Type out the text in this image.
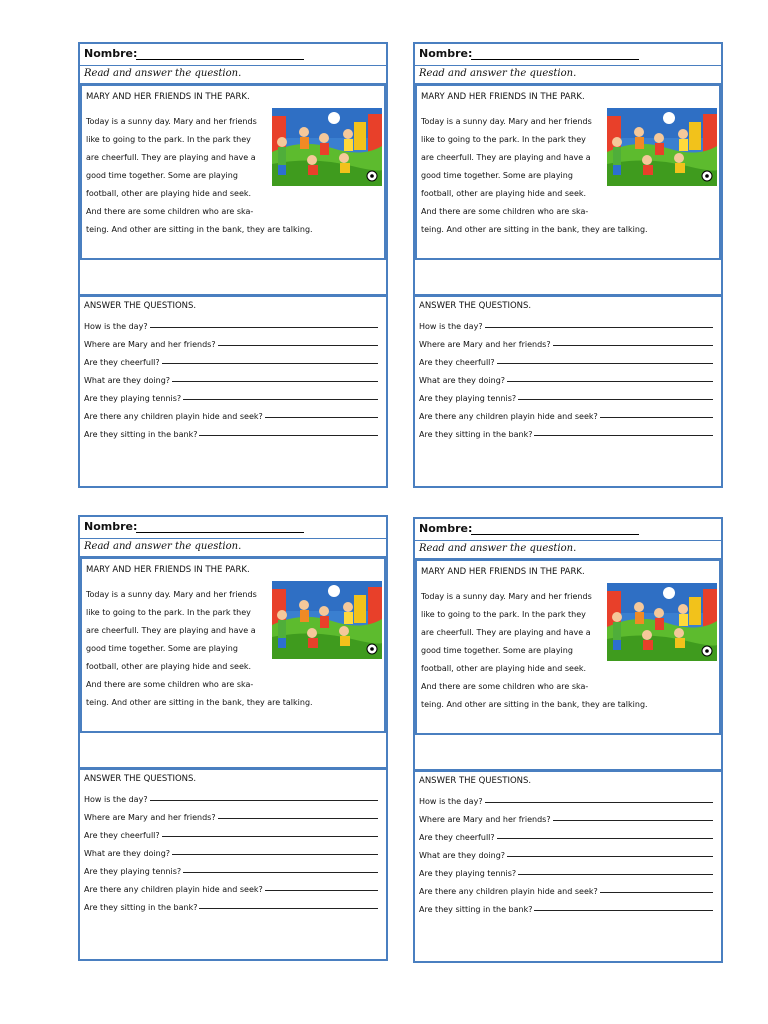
Nombre:
Read and answer the question.
MARY AND HER FRIENDS IN THE PARK.
Today is a sunny day. Mary and her friends
like to going to the park. In the park they
are cheerfull. They are playing and have a
good time together. Some are playing
football, other are playing hide and seek.
And there are some children who are ska-
teing. And other are sitting in the bank, they are talking.
ANSWER THE QUESTIONS.
How is the day?
Where are Mary and her friends?
Are they cheerfull?
What are they doing?
Are they playing tennis?
Are there any children playin hide and seek?
Are they sitting in the bank?
Nombre:
Read and answer the question.
MARY AND HER FRIENDS IN THE PARK.
Today is a sunny day. Mary and her friends
like to going to the park. In the park they
are cheerfull. They are playing and have a
good time together. Some are playing
football, other are playing hide and seek.
And there are some children who are ska-
teing. And other are sitting in the bank, they are talking.
ANSWER THE QUESTIONS.
How is the day?
Where are Mary and her friends?
Are they cheerfull?
What are they doing?
Are they playing tennis?
Are there any children playin hide and seek?
Are they sitting in the bank?
Nombre:
Read and answer the question.
MARY AND HER FRIENDS IN THE PARK.
Today is a sunny day. Mary and her friends
like to going to the park. In the park they
are cheerfull. They are playing and have a
good time together. Some are playing
football, other are playing hide and seek.
And there are some children who are ska-
teing. And other are sitting in the bank, they are talking.
ANSWER THE QUESTIONS.
How is the day?
Where are Mary and her friends?
Are they cheerfull?
What are they doing?
Are they playing tennis?
Are there any children playin hide and seek?
Are they sitting in the bank?
Nombre:
Read and answer the question.
MARY AND HER FRIENDS IN THE PARK.
Today is a sunny day. Mary and her friends
like to going to the park. In the park they
are cheerfull. They are playing and have a
good time together. Some are playing
football, other are playing hide and seek.
And there are some children who are ska-
teing. And other are sitting in the bank, they are talking.
ANSWER THE QUESTIONS.
How is the day?
Where are Mary and her friends?
Are they cheerfull?
What are they doing?
Are they playing tennis?
Are there any children playin hide and seek?
Are they sitting in the bank?
